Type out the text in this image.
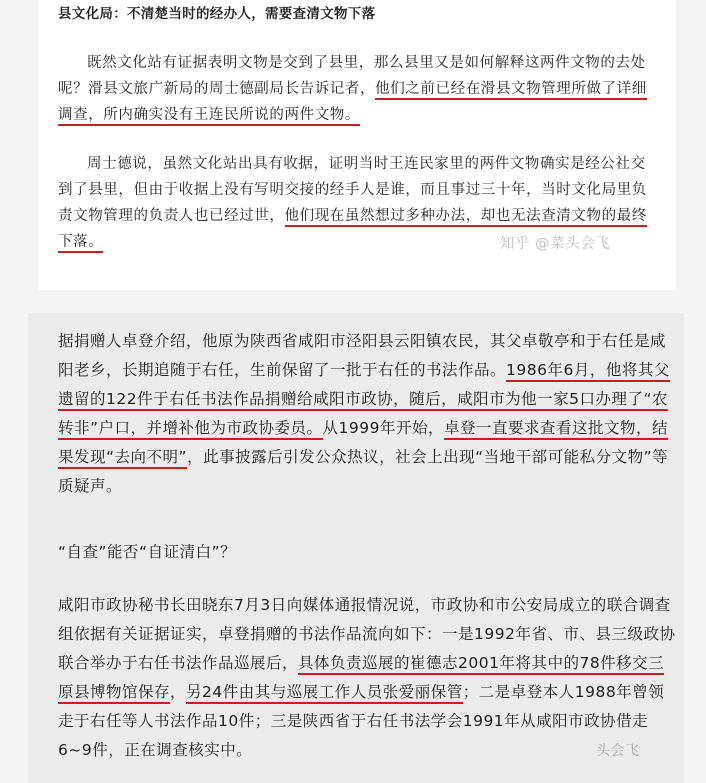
县文化局：不清楚当时的经办人，需要查清文物下落
既然文化站有证据表明文物是交到了县里，那么县里又是如何解释这两件文物的去处呢？滑县文旅广新局的周士德副局长告诉记者，他们之前已经在滑县文物管理所做了详细调查，所内确实没有王连民所说的两件文物。
周士德说，虽然文化站出具有收据，证明当时王连民家里的两件文物确实是经公社交到了县里，但由于收据上没有写明交接的经手人是谁，而且事过三十年，当时文化局里负责文物管理的负责人也已经过世，他们现在虽然想过多种办法，却也无法查清文物的最终下落。	知乎 @菜头会飞
据捐赠人卓登介绍，他原为陕西省咸阳市泾阳县云阳镇农民，其父卓敬亭和于右任是咸阳老乡，长期追随于右任，生前保留了一批于右任的书法作品。1986年6月，他将其父遗留的122件于右任书法作品捐赠给咸阳市政协，随后，咸阳市为他一家5口办理了“农转非”户口，并增补他为市政协委员。从1999年开始，卓登一直要求查看这批文物，结果发现“去向不明”，此事披露后引发公众热议，社会上出现“当地干部可能私分文物”等质疑声。
“自查”能否“自证清白”？
咸阳市政协秘书长田晓东7月3日向媒体通报情况说，市政协和市公安局成立的联合调查组依据有关证据证实，卓登捐赠的书法作品流向如下：一是1992年省、市、县三级政协联合举办于右任书法作品巡展后，具体负责巡展的崔德志2001年将其中的78件移交三原县博物馆保存，另24件由其与巡展工作人员张爱丽保管；二是卓登本人1988年曾领走于右任等人书法作品10件；三是陕西省于右任书法学会1991年从咸阳市政协借走6~9件，正在调查核实中。	头会飞
